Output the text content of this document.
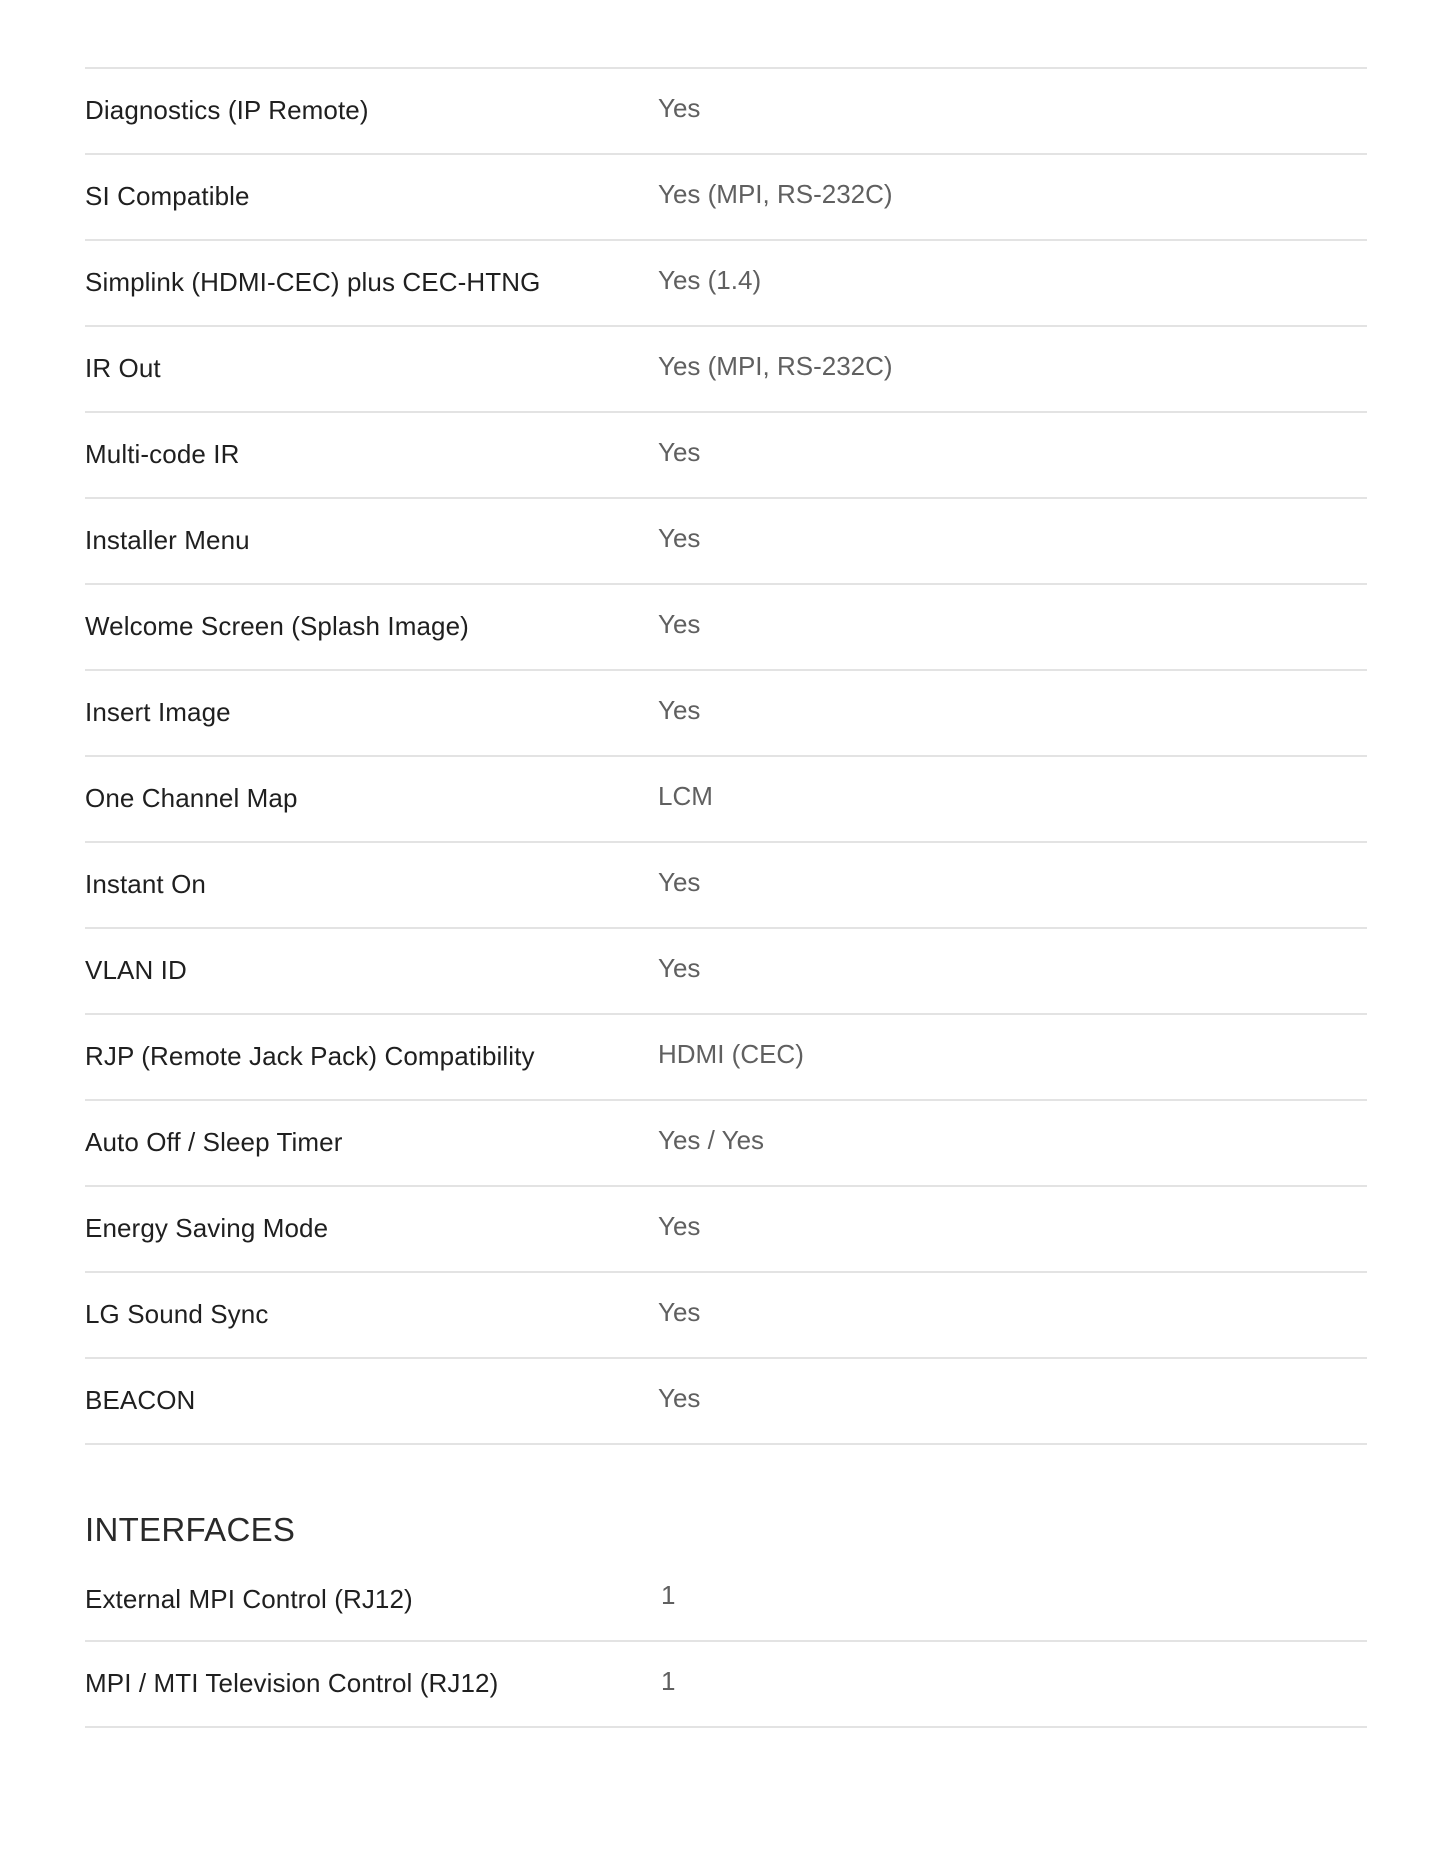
Diagnostics (IP Remote)	Yes
SI Compatible	Yes (MPI, RS-232C)
Simplink (HDMI-CEC) plus CEC-HTNG	Yes (1.4)
IR Out	Yes (MPI, RS-232C)
Multi-code IR	Yes
Installer Menu	Yes
Welcome Screen (Splash Image)	Yes
Insert Image	Yes
One Channel Map	LCM
Instant On	Yes
VLAN ID	Yes
RJP (Remote Jack Pack) Compatibility	HDMI (CEC)
Auto Off / Sleep Timer	Yes / Yes
Energy Saving Mode	Yes
LG Sound Sync	Yes
BEACON	Yes
INTERFACES
External MPI Control (RJ12)	1
MPI / MTI Television Control (RJ12)	1
